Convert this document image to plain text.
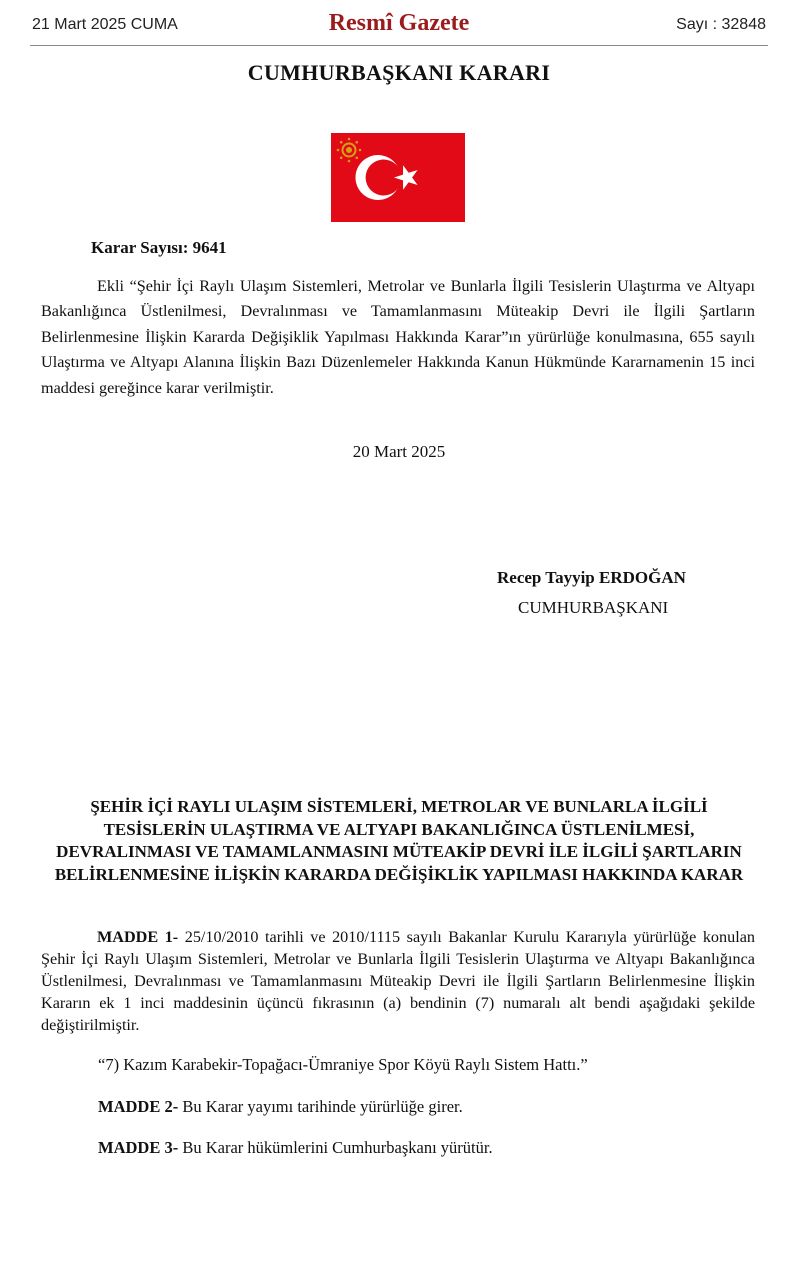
21 Mart 2025 CUMA	Resmî Gazete	Sayı : 32848
CUMHURBAŞKANI KARARI
Karar Sayısı: 9641

Ekli “Şehir İçi Raylı Ulaşım Sistemleri, Metrolar ve Bunlarla İlgili Tesislerin Ulaştırma ve Altyapı Bakanlığınca Üstlenilmesi, Devralınması ve Tamamlanmasını Müteakip Devri ile İlgili Şartların Belirlenmesine İlişkin Kararda Değişiklik Yapılması Hakkında Karar”ın yürürlüğe konulmasına, 655 sayılı Ulaştırma ve Altyapı Alanına İlişkin Bazı Düzenlemeler Hakkında Kanun Hükmünde Kararnamenin 15 inci maddesi gereğince karar verilmiştir.

20 Mart 2025
Recep Tayyip ERDOĞAN
CUMHURBAŞKANI
ŞEHİR İÇİ RAYLI ULAŞIM SİSTEMLERİ, METROLAR VE BUNLARLA İLGİLİ TESİSLERİN ULAŞTIRMA VE ALTYAPI BAKANLIĞINCA ÜSTLENİLMESİ, DEVRALINMASI VE TAMAMLANMASINI MÜTEAKİP DEVRİ İLE İLGİLİ ŞARTLARIN BELİRLENMESİNE İLİŞKİN KARARDA DEĞİŞİKLİK YAPILMASI HAKKINDA KARAR

MADDE 1- 25/10/2010 tarihli ve 2010/1115 sayılı Bakanlar Kurulu Kararıyla yürürlüğe konulan Şehir İçi Raylı Ulaşım Sistemleri, Metrolar ve Bunlarla İlgili Tesislerin Ulaştırma ve Altyapı Bakanlığınca Üstlenilmesi, Devralınması ve Tamamlanmasını Müteakip Devri ile İlgili Şartların Belirlenmesine İlişkin Kararın ek 1 inci maddesinin üçüncü fıkrasının (a) bendinin (7) numaralı alt bendi aşağıdaki şekilde değiştirilmiştir.

“7) Kazım Karabekir-Topağacı-Ümraniye Spor Köyü Raylı Sistem Hattı.”
MADDE 2- Bu Karar yayımı tarihinde yürürlüğe girer.
MADDE 3- Bu Karar hükümlerini Cumhurbaşkanı yürütür.
